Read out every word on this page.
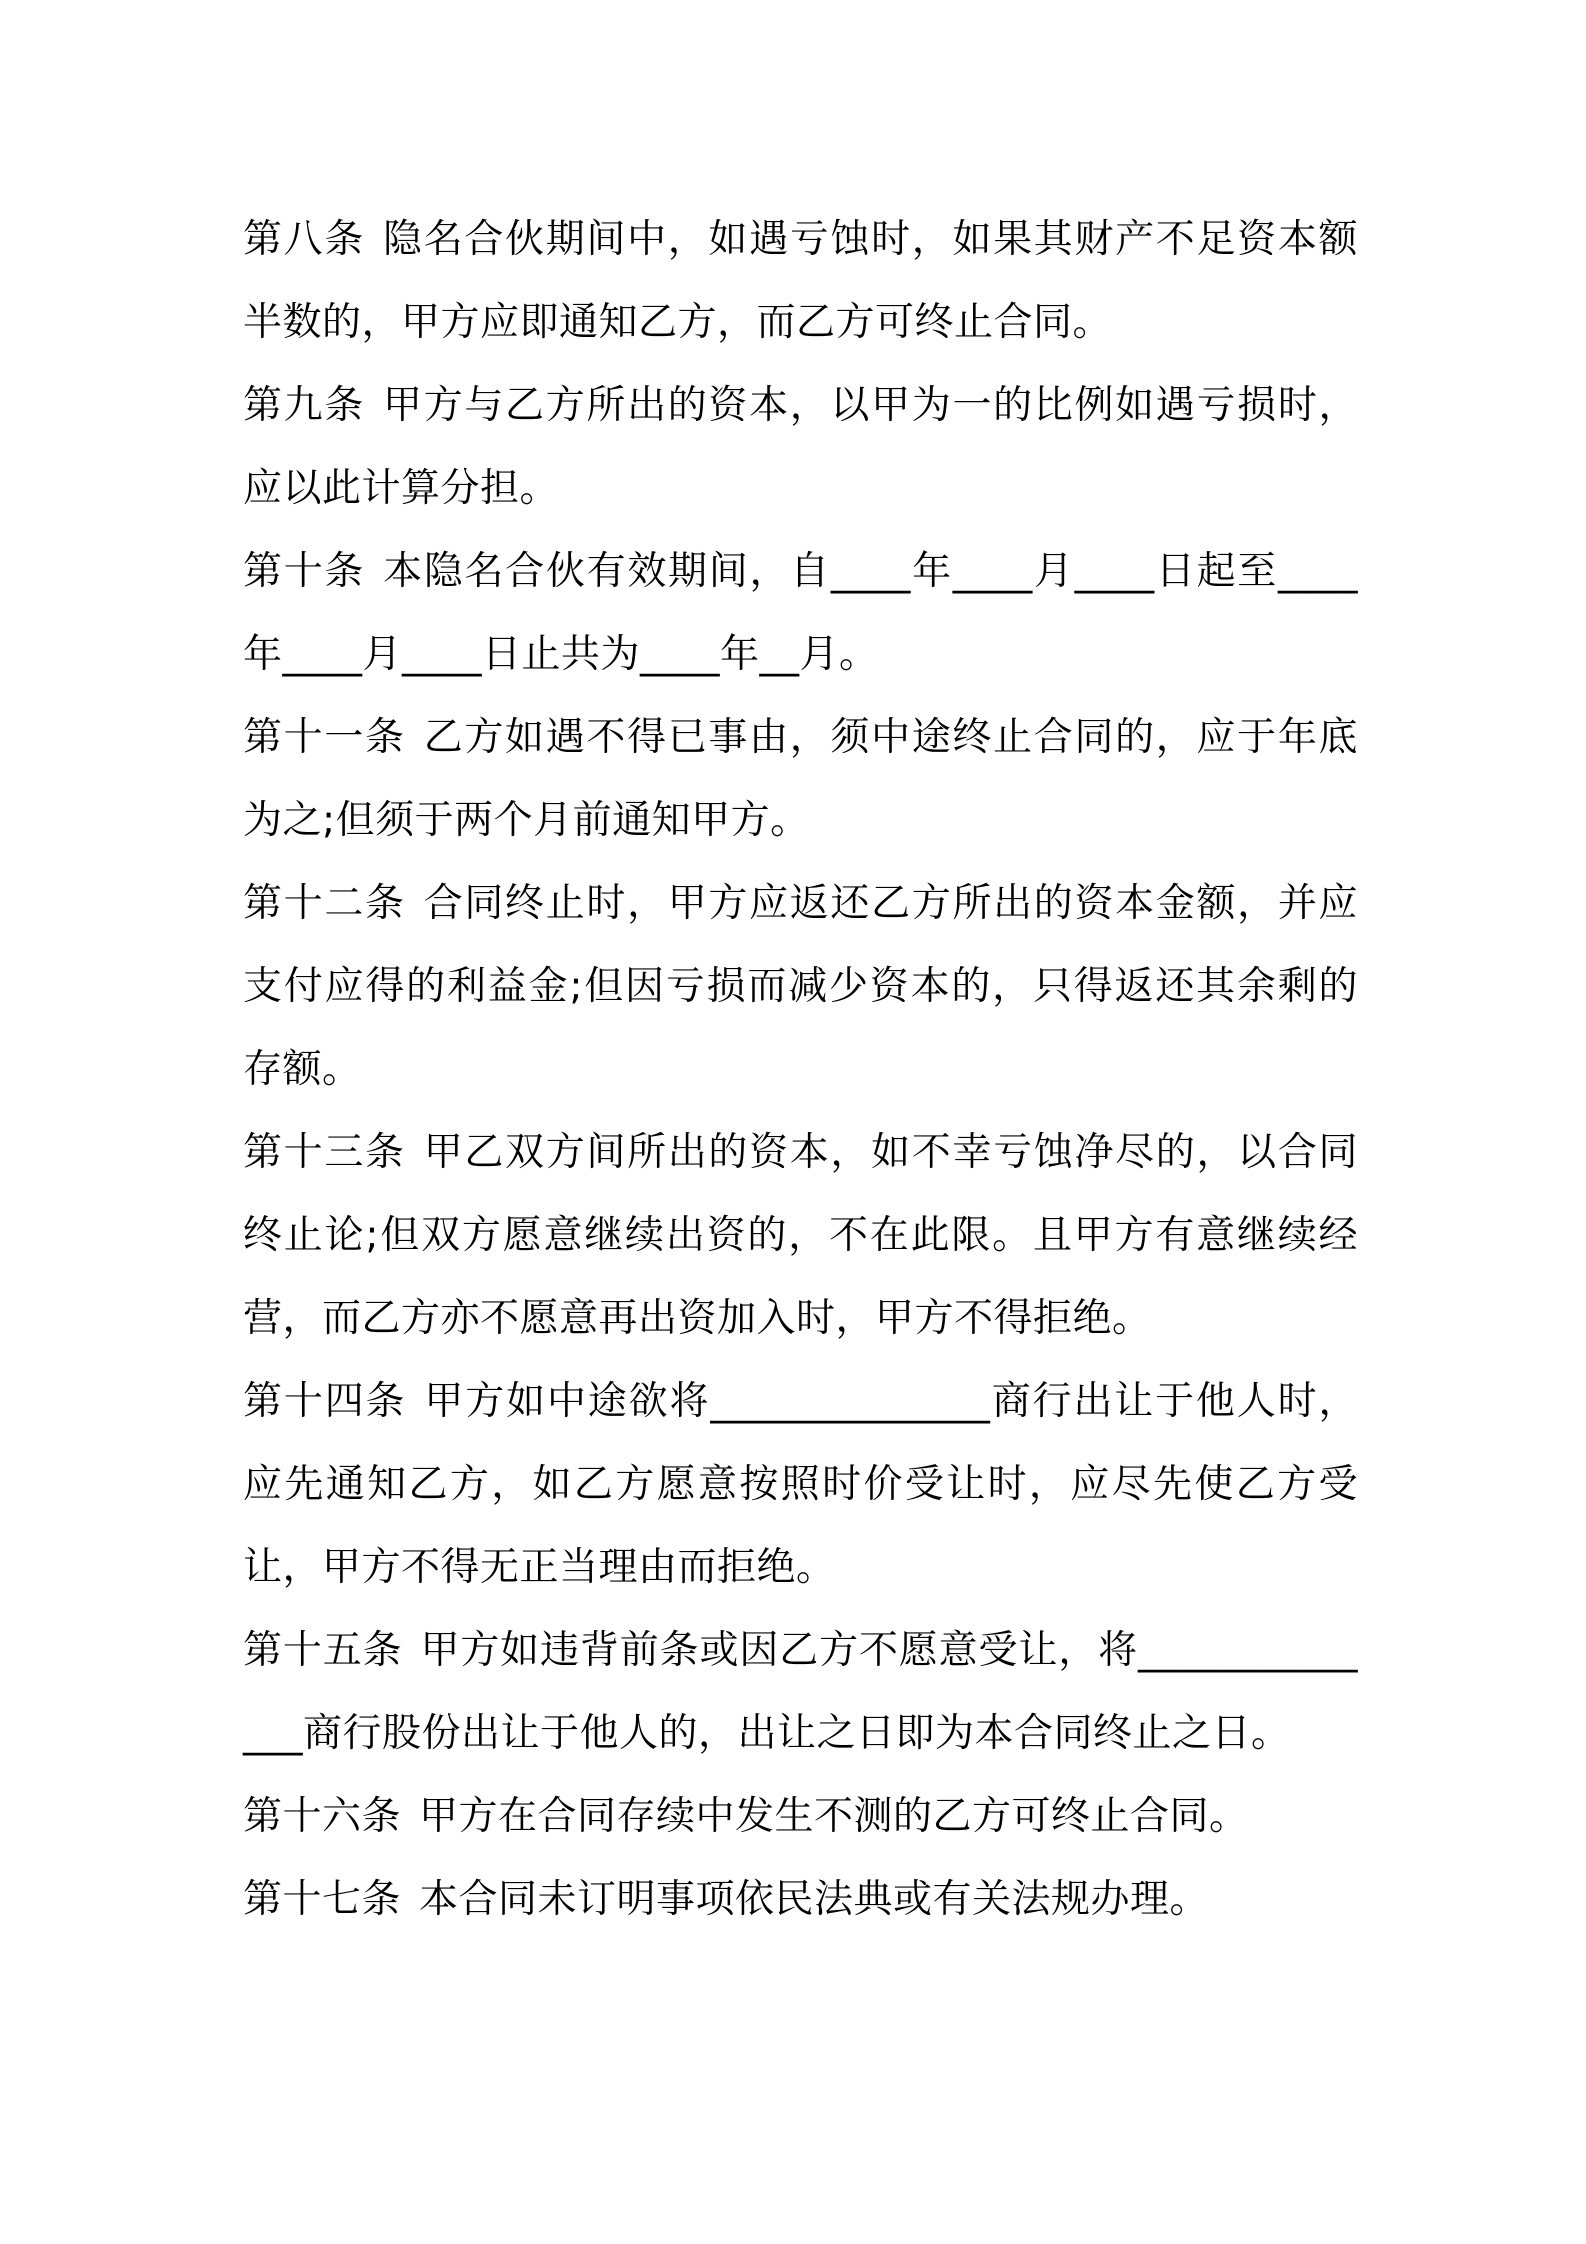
第八条 隐名合伙期间中，如遇亏蚀时，如果其财产不足资本额半数的，甲方应即通知乙方，而乙方可终止合同。

第九条 甲方与乙方所出的资本，以甲为一的比例如遇亏损时，应以此计算分担。

第十条 本隐名合伙有效期间，自____年____月____日起至____年____月____日止共为____年__月。

第十一条 乙方如遇不得已事由，须中途终止合同的，应于年底为之;但须于两个月前通知甲方。

第十二条 合同终止时，甲方应返还乙方所出的资本金额，并应支付应得的利益金;但因亏损而减少资本的，只得返还其余剩的存额。

第十三条 甲乙双方间所出的资本，如不幸亏蚀净尽的，以合同终止论;但双方愿意继续出资的，不在此限。且甲方有意继续经营，而乙方亦不愿意再出资加入时，甲方不得拒绝。

第十四条 甲方如中途欲将______________商行出让于他人时，应先通知乙方，如乙方愿意按照时价受让时，应尽先使乙方受让，甲方不得无正当理由而拒绝。

第十五条 甲方如违背前条或因乙方不愿意受让，将______________商行股份出让于他人的，出让之日即为本合同终止之日。

第十六条 甲方在合同存续中发生不测的乙方可终止合同。

第十七条 本合同未订明事项依民法典或有关法规办理。
